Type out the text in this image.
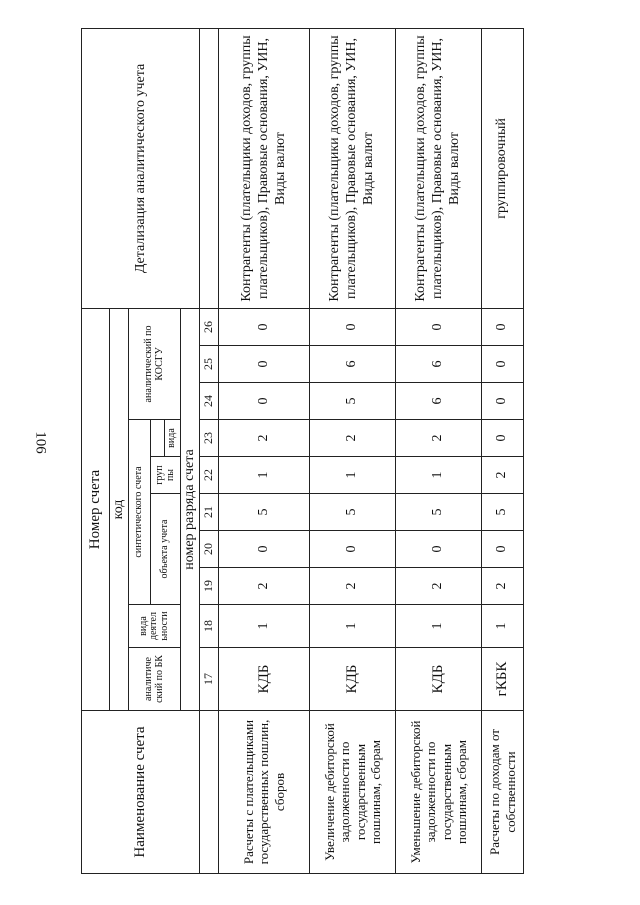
106
Наименование счета	Номер счета										Детализация аналитического учета
	код										
	аналитиче ский по БК	вида деятел ьности	синтетического счета					аналитический по КОСГУ			
			объекта учета			груп пы					
							вида				
	номер разряда счета										
	17	18	19	20	21	22	23	24	25	26	
Расчеты с плательщиками государственных пошлин, сборов	КДБ	1	2	0	5	1	2	0	0	0	Контрагенты (плательщики доходов, группы плательщиков), Правовые основания, УИН, Виды валют
Увеличение дебиторской задолженности по государственным пошлинам, сборам	КДБ	1	2	0	5	1	2	5	6	0	Контрагенты (плательщики доходов, группы плательщиков), Правовые основания, УИН, Виды валют
Уменьшение дебиторской задолженности по государственным пошлинам, сборам	КДБ	1	2	0	5	1	2	6	6	0	Контрагенты (плательщики доходов, группы плательщиков), Правовые основания, УИН, Виды валют
Расчеты по доходам от собственности	гКБК	1	2	0	5	2	0	0	0	0	группировочный
